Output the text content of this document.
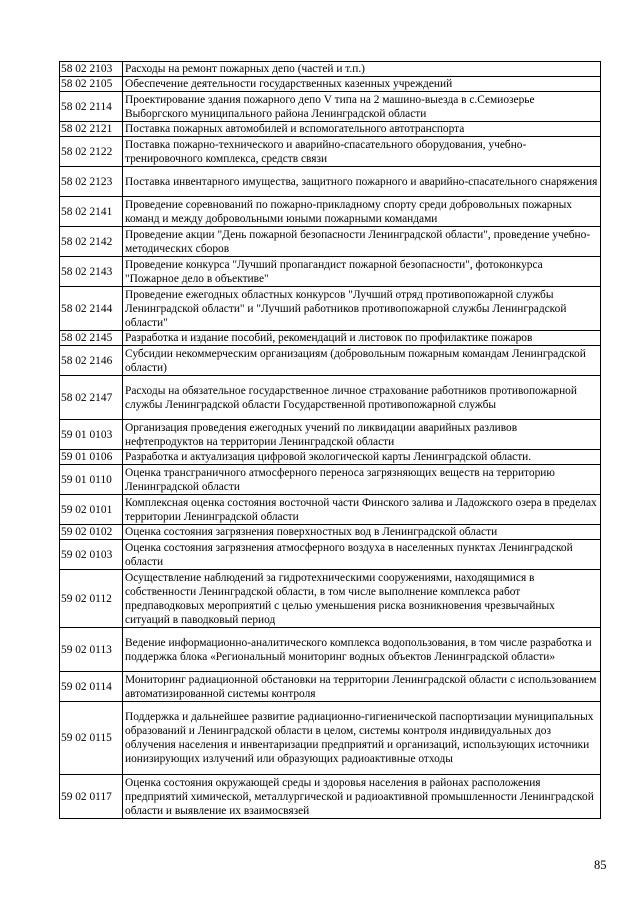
58 02 2103	Расходы на ремонт пожарных депо (частей и т.п.)
58 02 2105	Обеспечение деятельности государственных казенных учреждений
58 02 2114	Проектирование здания пожарного депо V типа на 2 машино-выезда в с.Семиозерье Выборгского муниципального района Ленинградской области
58 02 2121	Поставка пожарных автомобилей и вспомогательного автотранспорта
58 02 2122	Поставка пожарно-технического и аварийно-спасательного оборудования, учебно-тренировочного комплекса, средств связи
58 02 2123	Поставка инвентарного имущества, защитного пожарного и аварийно-спасательного снаряжения
58 02 2141	Проведение соревнований по пожарно-прикладному спорту среди добровольных пожарных команд и между добровольными юными пожарными командами
58 02 2142	Проведение акции "День пожарной безопасности Ленинградской области", проведение учебно-методических сборов
58 02 2143	Проведение конкурса "Лучший пропагандист пожарной безопасности", фотоконкурса "Пожарное дело в объективе"
58 02 2144	Проведение ежегодных областных конкурсов "Лучший отряд противопожарной службы Ленинградской области" и "Лучший работников противопожарной службы Ленинградской области"
58 02 2145	Разработка и издание пособий, рекомендаций и листовок по профилактике пожаров
58 02 2146	Субсидии некоммерческим организациям (добровольным пожарным командам Ленинградской области)
58 02 2147	Расходы на обязательное государственное личное страхование работников противопожарной службы Ленинградской области Государственной противопожарной службы
59 01 0103	Организация проведения ежегодных учений по ликвидации аварийных разливов нефтепродуктов на территории Ленинградской области
59 01 0106	Разработка и актуализация цифровой экологической карты Ленинградской области.
59 01 0110	Оценка трансграничного атмосферного переноса загрязняющих веществ на территорию Ленинградской области
59 02 0101	Комплексная оценка состояния восточной части Финского залива и Ладожского озера в пределах территории Ленинградской области
59 02 0102	Оценка состояния загрязнения поверхностных вод в Ленинградской области
59 02 0103	Оценка состояния загрязнения атмосферного воздуха в населенных пунктах Ленинградской области
59 02 0112	Осуществление наблюдений за гидротехническими сооружениями, находящимися в собственности Ленинградской области, в том числе выполнение комплекса работ предпаводковых мероприятий с целью уменьшения риска возникновения чрезвычайных ситуаций в паводковый период
59 02 0113	Ведение информационно-аналитического комплекса водопользования, в том числе разработка и поддержка блока «Региональный мониторинг водных объектов Ленинградской области»
59 02 0114	Мониторинг радиационной обстановки на территории Ленинградской области с использованием автоматизированной системы контроля
59 02 0115	Поддержка и дальнейшее развитие радиационно-гигиенической паспортизации муниципальных образований и Ленинградской области в целом, системы контроля индивидуальных доз облучения населения и инвентаризации предприятий и организаций, использующих источники ионизирующих излучений или образующих радиоактивные отходы
59 02 0117	Оценка состояния окружающей среды и здоровья населения в районах расположения предприятий химической, металлургической и радиоактивной промышленности Ленинградской области и выявление их взаимосвязей
85
